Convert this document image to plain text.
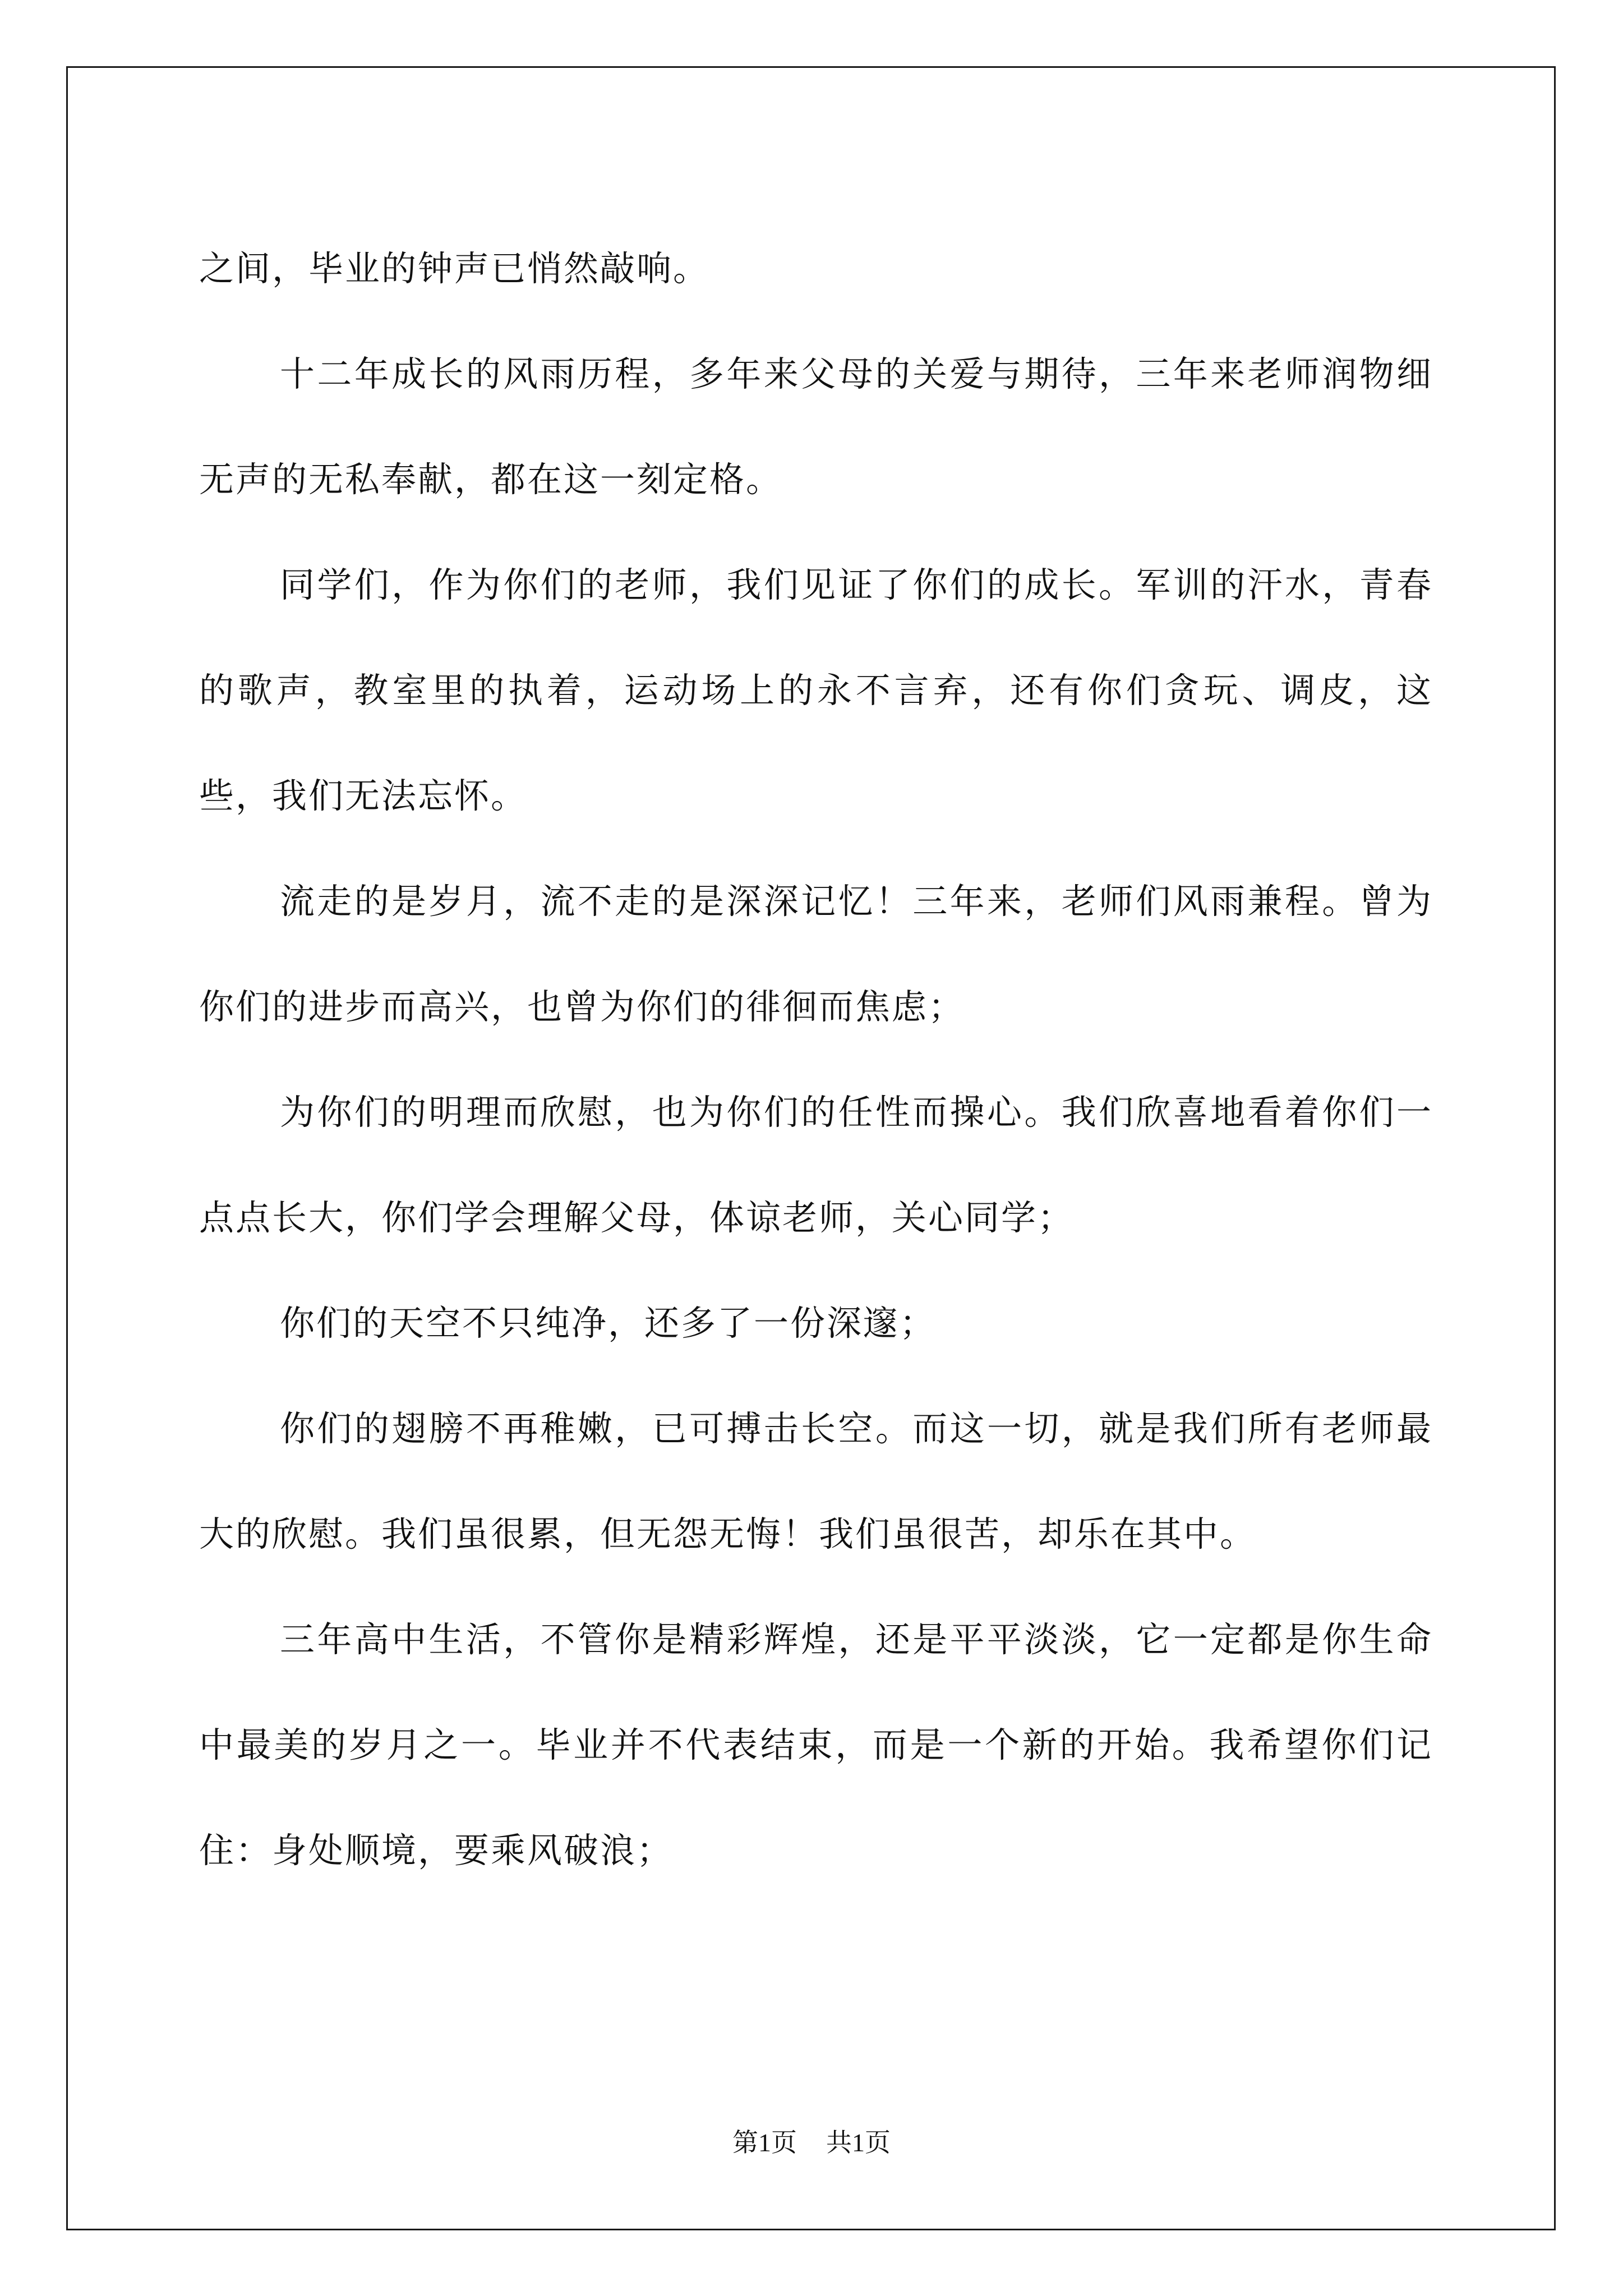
之间，毕业的钟声已悄然敲响。

十二年成长的风雨历程，多年来父母的关爱与期待，三年来老师润物细无声的无私奉献，都在这一刻定格。

同学们，作为你们的老师，我们见证了你们的成长。军训的汗水，青春的歌声，教室里的执着，运动场上的永不言弃，还有你们贪玩、调皮，这些，我们无法忘怀。

流走的是岁月，流不走的是深深记忆！三年来，老师们风雨兼程。曾为你们的进步而高兴，也曾为你们的徘徊而焦虑；

为你们的明理而欣慰，也为你们的任性而操心。我们欣喜地看着你们一点点长大，你们学会理解父母，体谅老师，关心同学；

你们的天空不只纯净，还多了一份深邃；

你们的翅膀不再稚嫩，已可搏击长空。而这一切，就是我们所有老师最大的欣慰。我们虽很累，但无怨无悔！我们虽很苦，却乐在其中。

三年高中生活，不管你是精彩辉煌，还是平平淡淡，它一定都是你生命中最美的岁月之一。毕业并不代表结束，而是一个新的开始。我希望你们记住：身处顺境，要乘风破浪；

第1页 共1页
